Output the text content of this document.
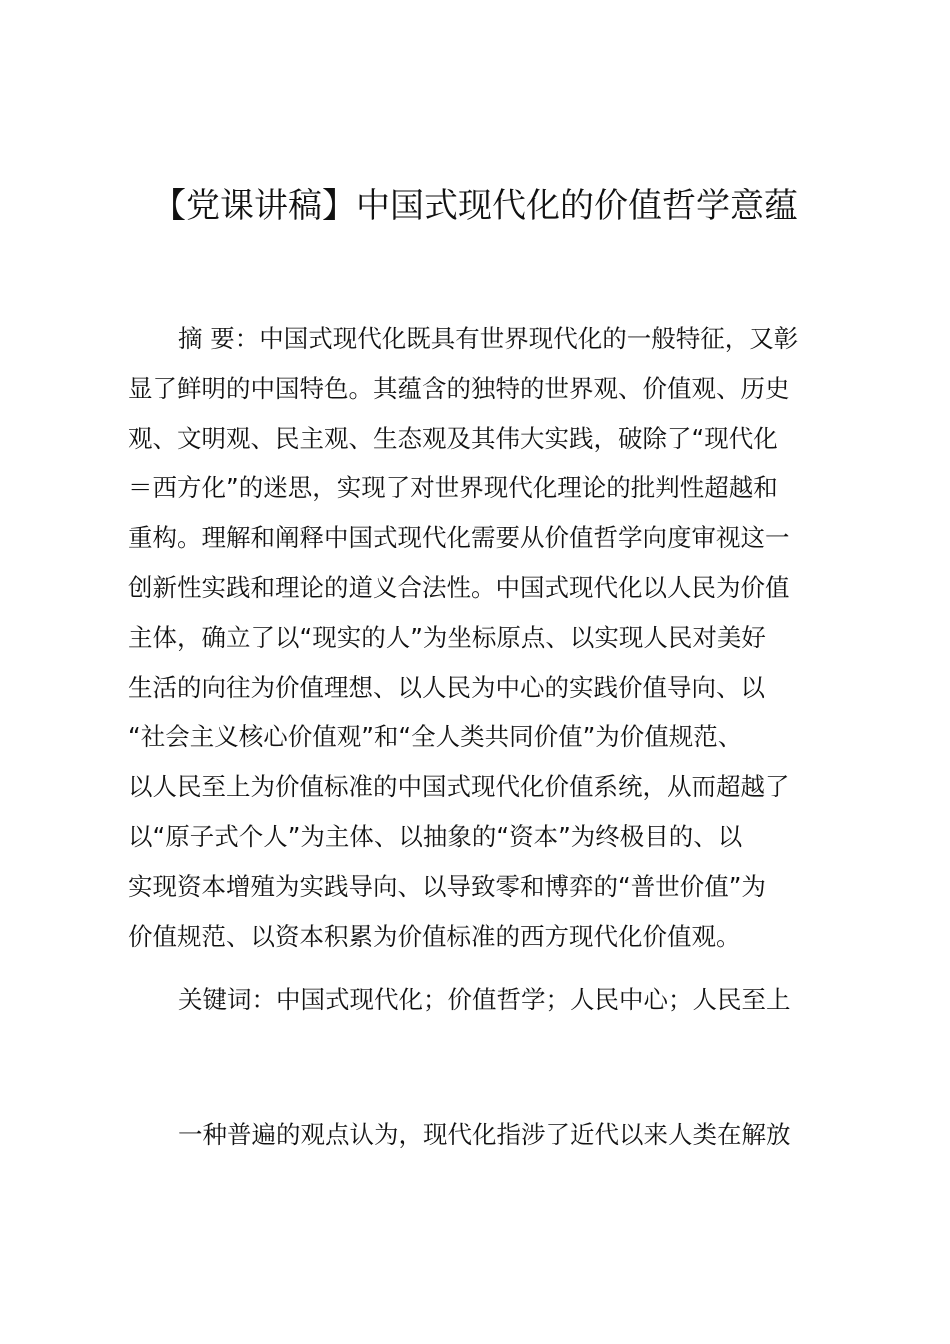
【党课讲稿】中国式现代化的价值哲学意蕴
摘 要：中国式现代化既具有世界现代化的一般特征，又彰
显了鲜明的中国特色。其蕴含的独特的世界观、价值观、历史
观、文明观、民主观、生态观及其伟大实践，破除了“现代化
＝西方化”的迷思，实现了对世界现代化理论的批判性超越和
重构。理解和阐释中国式现代化需要从价值哲学向度审视这一
创新性实践和理论的道义合法性。中国式现代化以人民为价值
主体，确立了以“现实的人”为坐标原点、以实现人民对美好
生活的向往为价值理想、以人民为中心的实践价值导向、以
“社会主义核心价值观”和“全人类共同价值”为价值规范、
以人民至上为价值标准的中国式现代化价值系统，从而超越了
以“原子式个人”为主体、以抽象的“资本”为终极目的、以
实现资本增殖为实践导向、以导致零和博弈的“普世价值”为
价值规范、以资本积累为价值标准的西方现代化价值观。
关键词：中国式现代化；价值哲学；人民中心；人民至上
一种普遍的观点认为，现代化指涉了近代以来人类在解放
